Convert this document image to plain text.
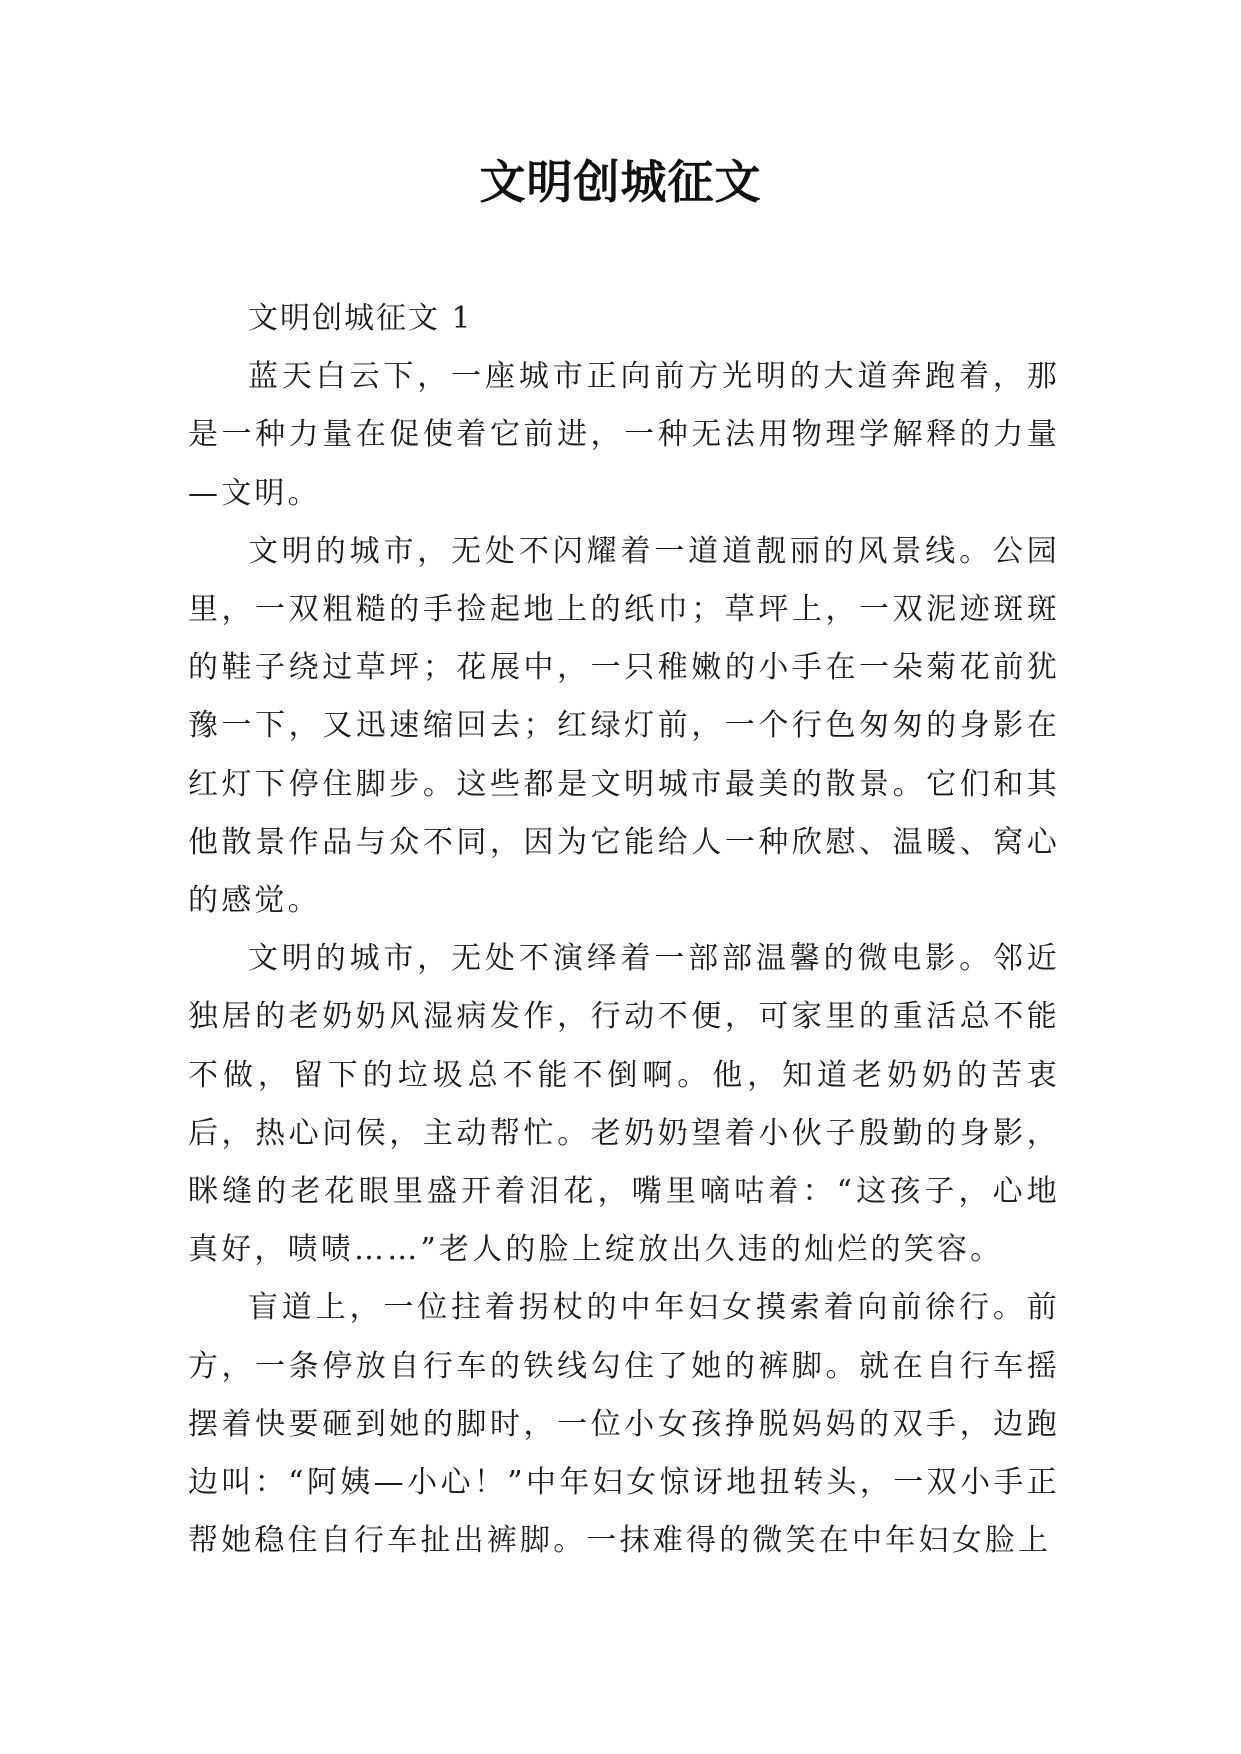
文明创城征文

文明创城征文 1

蓝天白云下，一座城市正向前方光明的大道奔跑着，那是一种力量在促使着它前进，一种无法用物理学解释的力量—文明。

文明的城市，无处不闪耀着一道道靓丽的风景线。公园里，一双粗糙的手捡起地上的纸巾；草坪上，一双泥迹斑斑的鞋子绕过草坪；花展中，一只稚嫩的小手在一朵菊花前犹豫一下，又迅速缩回去；红绿灯前，一个行色匆匆的身影在红灯下停住脚步。这些都是文明城市最美的散景。它们和其他散景作品与众不同，因为它能给人一种欣慰、温暖、窝心的感觉。

文明的城市，无处不演绎着一部部温馨的微电影。邻近独居的老奶奶风湿病发作，行动不便，可家里的重活总不能不做，留下的垃圾总不能不倒啊。他，知道老奶奶的苦衷后，热心问侯，主动帮忙。老奶奶望着小伙子殷勤的身影，眯缝的老花眼里盛开着泪花，嘴里嘀咕着：“这孩子，心地真好，啧啧……”老人的脸上绽放出久违的灿烂的笑容。

盲道上，一位拄着拐杖的中年妇女摸索着向前徐行。前方，一条停放自行车的铁线勾住了她的裤脚。就在自行车摇摆着快要砸到她的脚时，一位小女孩挣脱妈妈的双手，边跑边叫：“阿姨—小心！”中年妇女惊讶地扭转头，一双小手正帮她稳住自行车扯出裤脚。一抹难得的微笑在中年妇女脸上
